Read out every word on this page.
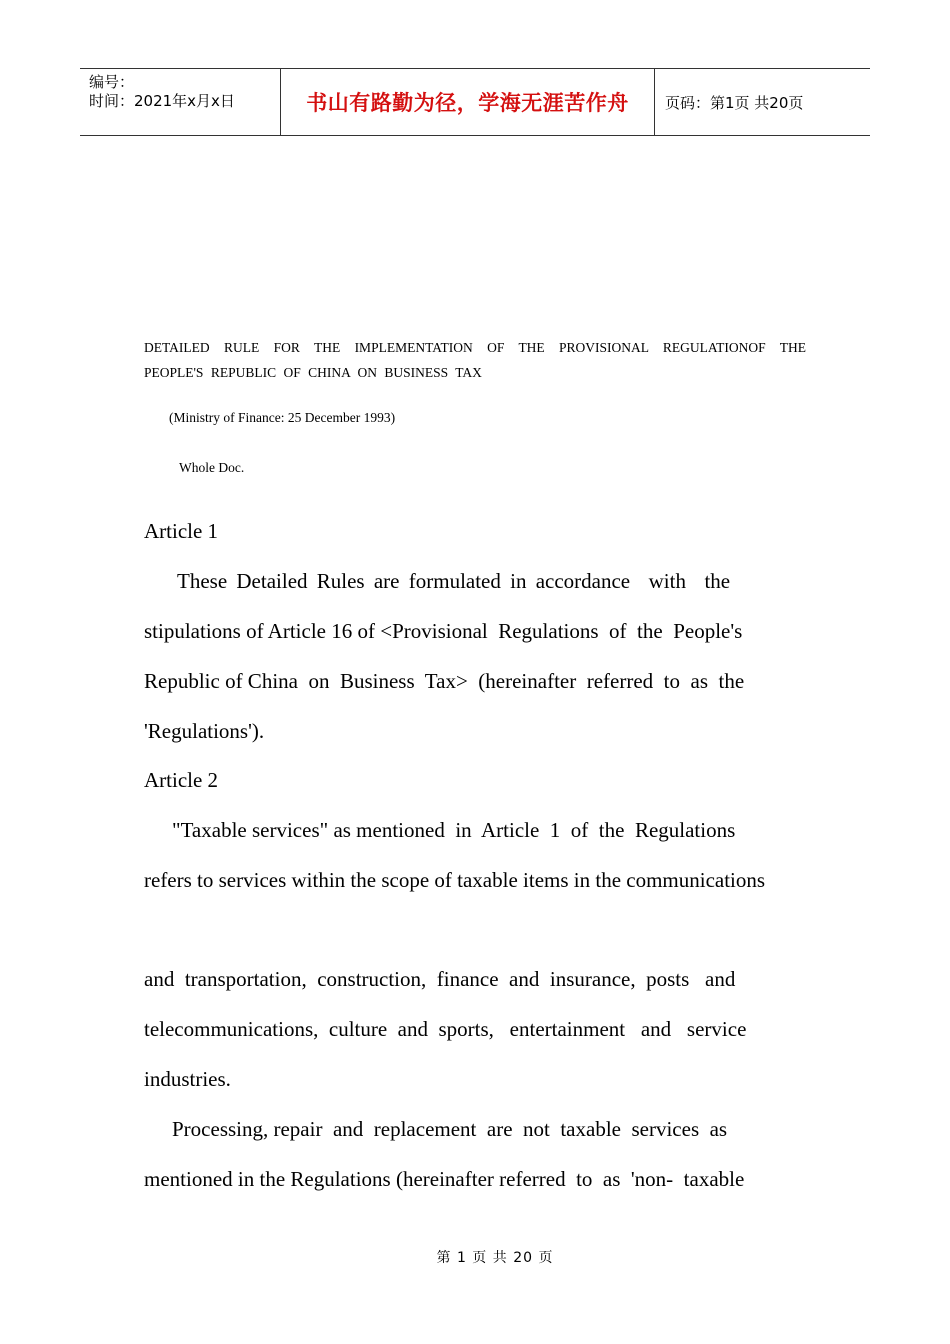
编号：
时间：2021年x月x日	书山有路勤为径，学海无涯苦作舟 页码：第1页 共20页
DETAILED RULE FOR THE IMPLEMENTATION OF THE PROVISIONAL REGULATIONOF THE PEOPLE'S REPUBLIC OF CHINA ON BUSINESS TAX
(Ministry of Finance: 25 December 1993)
Whole Doc.
Article 1
These Detailed Rules are formulated in accordance  with  the
stipulations of Article 16 of <Provisional  Regulations  of  the  People's
Republic of China  on  Business  Tax>  (hereinafter  referred  to  as  the
'Regulations').
Article 2
"Taxable services" as mentioned  in  Article  1  of  the  Regulations
refers to services within the scope of taxable items in the communications
and  transportation,  construction,  finance  and  insurance,  posts   and
telecommunications,  culture  and  sports,   entertainment   and   service
industries.
Processing, repair  and  replacement  are  not  taxable  services  as
mentioned in the Regulations (hereinafter referred  to  as  'non-  taxable
第 1 页 共 20 页
